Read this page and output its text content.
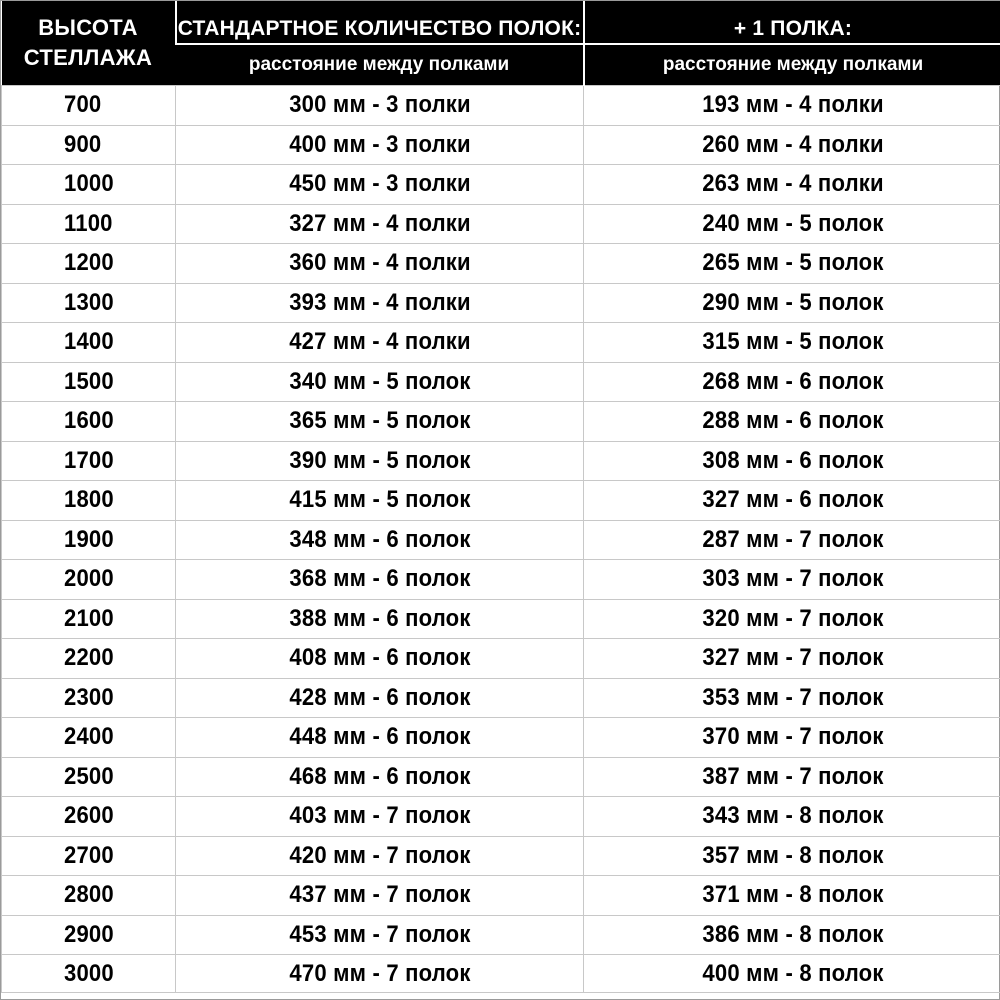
ВЫСОТА
СТЕЛЛАЖА	СТАНДАРТНОЕ КОЛИЧЕСТВО ПОЛОК:	+ 1 ПОЛКА:
	расстояние между полками	расстояние между полками
700	300 мм - 3 полки	193 мм - 4 полки
900	400 мм - 3 полки	260 мм - 4 полки
1000	450 мм - 3 полки	263 мм - 4 полки
1100	327 мм - 4 полки	240 мм - 5 полок
1200	360 мм - 4 полки	265 мм - 5 полок
1300	393 мм - 4 полки	290 мм - 5 полок
1400	427 мм - 4 полки	315 мм - 5 полок
1500	340 мм - 5 полок	268 мм - 6 полок
1600	365 мм - 5 полок	288 мм - 6 полок
1700	390 мм - 5 полок	308 мм - 6 полок
1800	415 мм - 5 полок	327 мм - 6 полок
1900	348 мм - 6 полок	287 мм - 7 полок
2000	368 мм - 6 полок	303 мм - 7 полок
2100	388 мм - 6 полок	320 мм - 7 полок
2200	408 мм - 6 полок	327 мм - 7 полок
2300	428 мм - 6 полок	353 мм - 7 полок
2400	448 мм - 6 полок	370 мм - 7 полок
2500	468 мм - 6 полок	387 мм - 7 полок
2600	403 мм - 7 полок	343 мм - 8 полок
2700	420 мм - 7 полок	357 мм - 8 полок
2800	437 мм - 7 полок	371 мм - 8 полок
2900	453 мм - 7 полок	386 мм - 8 полок
3000	470 мм - 7 полок	400 мм - 8 полок
